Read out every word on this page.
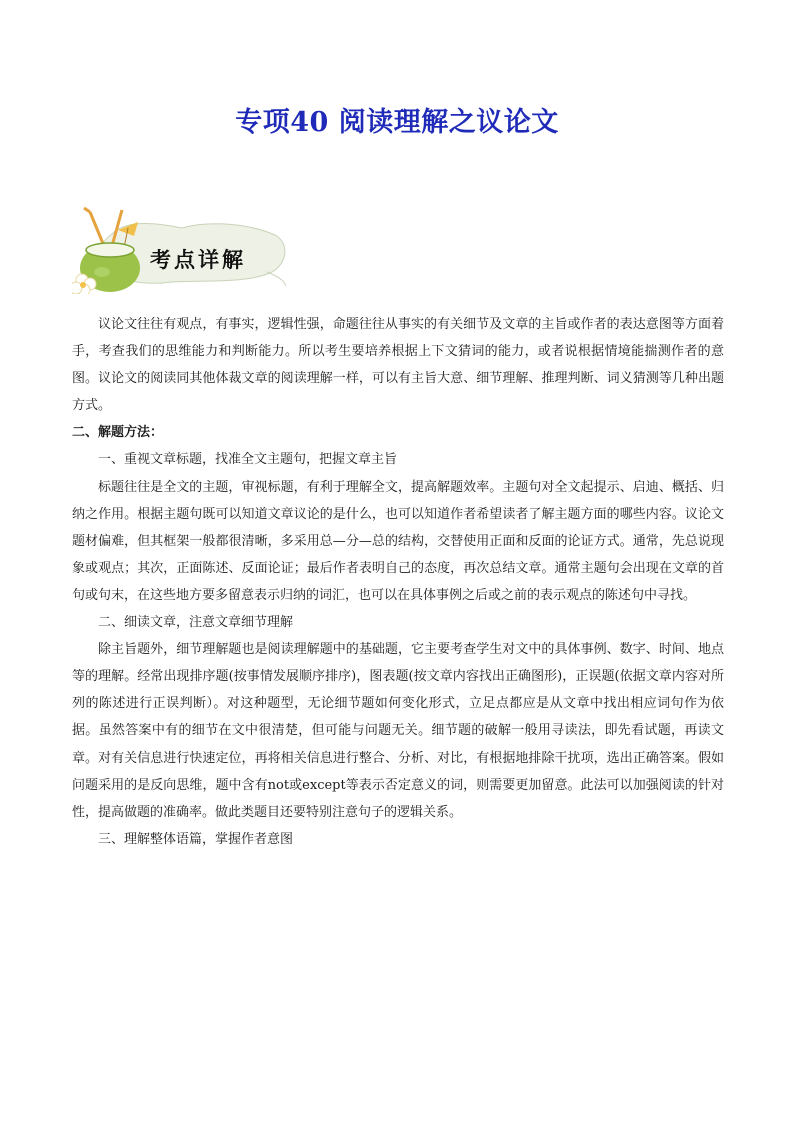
专项40 阅读理解之议论文
考点详解

议论文往往有观点，有事实，逻辑性强，命题往往从事实的有关细节及文章的主旨或作者的表达意图等方面着手，考查我们的思维能力和判断能力。所以考生要培养根据上下文猜词的能力，或者说根据情境能揣测作者的意图。议论文的阅读同其他体裁文章的阅读理解一样，可以有主旨大意、细节理解、推理判断、词义猜测等几种出题方式。

二、解题方法：

一、重视文章标题，找准全文主题句，把握文章主旨

标题往往是全文的主题，审视标题，有利于理解全文，提高解题效率。主题句对全文起提示、启迪、概括、归纳之作用。根据主题句既可以知道文章议论的是什么，也可以知道作者希望读者了解主题方面的哪些内容。议论文题材偏难，但其框架一般都很清晰，多采用总—分—总的结构，交替使用正面和反面的论证方式。通常，先总说现象或观点；其次，正面陈述、反面论证；最后作者表明自己的态度，再次总结文章。通常主题句会出现在文章的首句或句末，在这些地方要多留意表示归纳的词汇，也可以在具体事例之后或之前的表示观点的陈述句中寻找。

二、细读文章，注意文章细节理解

除主旨题外，细节理解题也是阅读理解题中的基础题，它主要考查学生对文中的具体事例、数字、时间、地点等的理解。经常出现排序题(按事情发展顺序排序)，图表题(按文章内容找出正确图形)，正误题(依据文章内容对所列的陈述进行正误判断）。对这种题型，无论细节题如何变化形式，立足点都应是从文章中找出相应词句作为依据。虽然答案中有的细节在文中很清楚，但可能与问题无关。细节题的破解一般用寻读法，即先看试题，再读文章。对有关信息进行快速定位，再将相关信息进行整合、分析、对比，有根据地排除干扰项，选出正确答案。假如问题采用的是反向思维，题中含有not或except等表示否定意义的词，则需要更加留意。此法可以加强阅读的针对性，提高做题的准确率。做此类题目还要特别注意句子的逻辑关系。

三、理解整体语篇，掌握作者意图
